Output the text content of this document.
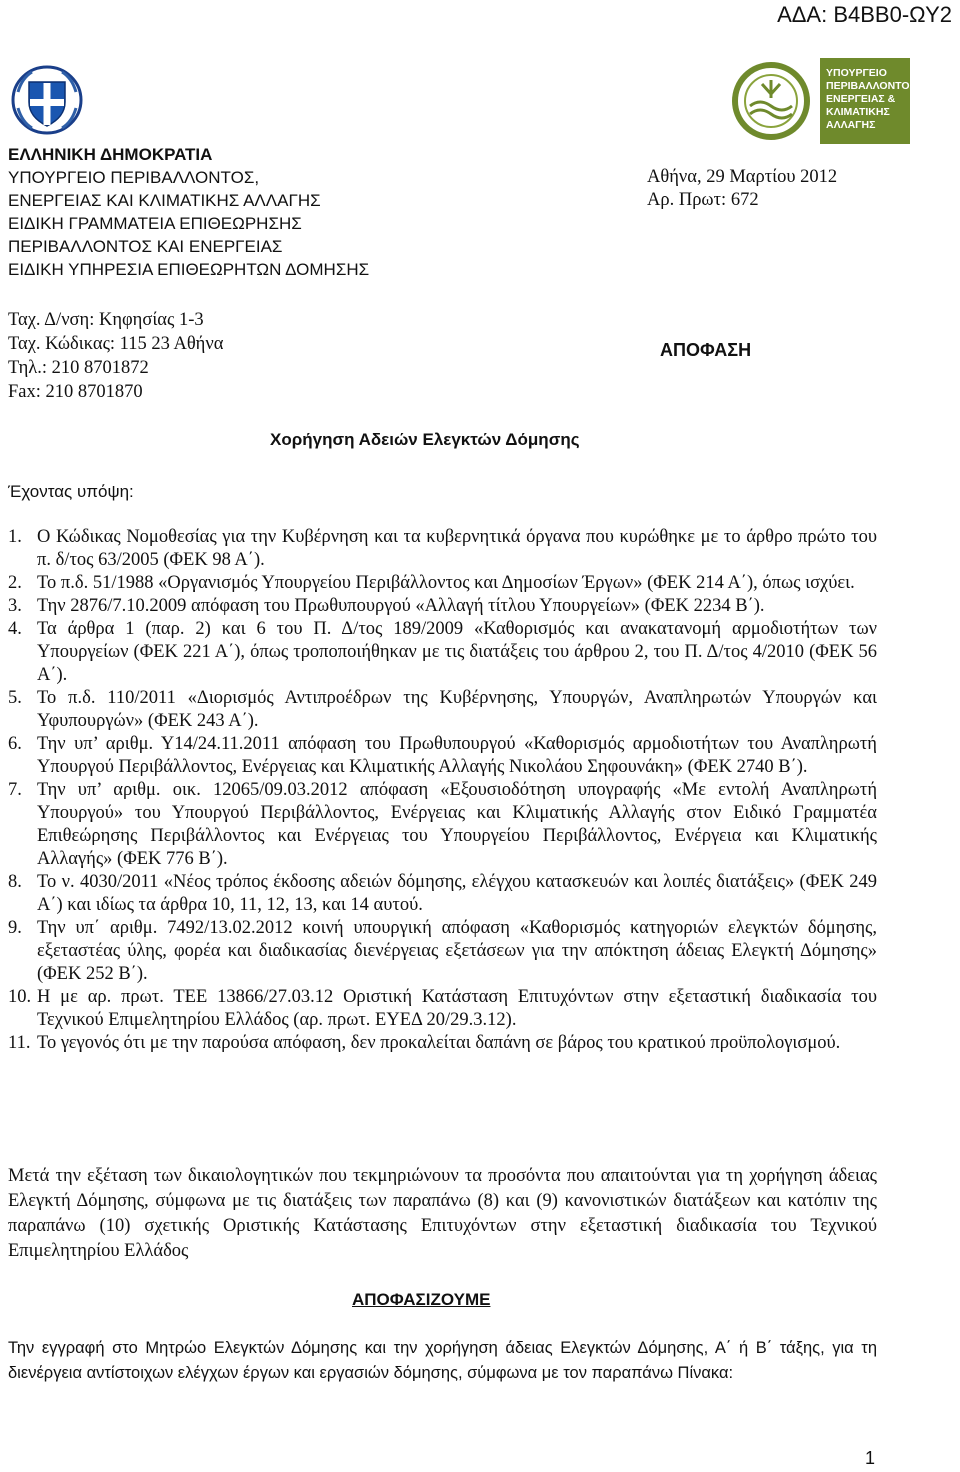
ΑΔΑ: Β4ΒΒ0-ΩΥ2
ΥΠΟΥΡΓΕΙΟ
ΠΕΡΙΒΑΛΛΟΝΤΟΣ
ΕΝΕΡΓΕΙΑΣ &
ΚΛΙΜΑΤΙΚΗΣ
ΑΛΛΑΓΗΣ
ΕΛΛΗΝΙΚΗ ΔΗΜΟΚΡΑΤΙΑ
ΥΠΟΥΡΓΕΙΟ ΠΕΡΙΒΑΛΛΟΝΤΟΣ,
ΕΝΕΡΓΕΙΑΣ ΚΑΙ ΚΛΙΜΑΤΙΚΗΣ ΑΛΛΑΓΗΣ
ΕΙΔΙΚΗ ΓΡΑΜΜΑΤΕΙΑ ΕΠΙΘΕΩΡΗΣΗΣ
ΠΕΡΙΒΑΛΛΟΝΤΟΣ ΚΑΙ ΕΝΕΡΓΕΙΑΣ
ΕΙΔΙΚΗ ΥΠΗΡΕΣΙΑ ΕΠΙΘΕΩΡΗΤΩΝ ΔΟΜΗΣΗΣ
Αθήνα, 29 Μαρτίου 2012
Αρ. Πρωτ: 672
Ταχ. Δ/νση: Κηφησίας 1-3
Ταχ. Κώδικας: 115 23 Αθήνα
Τηλ.: 210 8701872
Fax: 210 8701870
ΑΠΟΦΑΣΗ
Χορήγηση Αδειών Ελεγκτών Δόμησης
Έχοντας υπόψη:
1. Ο Κώδικας Νομοθεσίας για την Κυβέρνηση και τα κυβερνητικά όργανα που κυρώθηκε με το άρθρο πρώτο του π. δ/τος 63/2005 (ΦΕΚ 98 Α΄).
2. Το π.δ. 51/1988 «Οργανισμός Υπουργείου Περιβάλλοντος και Δημοσίων Έργων» (ΦΕΚ 214 Α΄), όπως ισχύει.
3. Την 2876/7.10.2009 απόφαση του Πρωθυπουργού «Αλλαγή τίτλου Υπουργείων» (ΦΕΚ 2234 Β΄).
4. Τα άρθρα 1 (παρ. 2) και 6 του Π. Δ/τος 189/2009 «Καθορισμός και ανακατανομή αρμοδιοτήτων των Υπουργείων (ΦΕΚ 221 Α΄), όπως τροποποιήθηκαν με τις διατάξεις του άρθρου 2, του Π. Δ/τος 4/2010 (ΦΕΚ 56 Α΄).
5. Το π.δ. 110/2011 «Διορισμός Αντιπροέδρων της Κυβέρνησης, Υπουργών, Αναπληρωτών Υπουργών και Υφυπουργών» (ΦΕΚ 243 Α΄).
6. Την υπ’ αριθμ. Υ14/24.11.2011 απόφαση του Πρωθυπουργού «Καθορισμός αρμοδιοτήτων του Αναπληρωτή Υπουργού Περιβάλλοντος, Ενέργειας και Κλιματικής Αλλαγής Νικολάου Σηφουνάκη» (ΦΕΚ 2740 Β΄).
7. Την υπ’ αριθμ. οικ. 12065/09.03.2012 απόφαση «Εξουσιοδότηση υπογραφής «Με εντολή Αναπληρωτή Υπουργού» του Υπουργού Περιβάλλοντος, Ενέργειας και Κλιματικής Αλλαγής στον Ειδικό Γραμματέα Επιθεώρησης Περιβάλλοντος και Ενέργειας του Υπουργείου Περιβάλλοντος, Ενέργεια και Κλιματικής Αλλαγής» (ΦΕΚ 776 Β΄).
8. Το ν. 4030/2011 «Νέος τρόπος έκδοσης αδειών δόμησης, ελέγχου κατασκευών και λοιπές διατάξεις» (ΦΕΚ 249 Α΄) και ιδίως τα άρθρα 10, 11, 12, 13, και 14 αυτού.
9. Την υπ΄ αριθμ. 7492/13.02.2012 κοινή υπουργική απόφαση «Καθορισμός κατηγοριών ελεγκτών δόμησης, εξεταστέας ύλης, φορέα και διαδικασίας διενέργειας εξετάσεων για την απόκτηση άδειας Ελεγκτή Δόμησης» (ΦΕΚ 252 Β΄).
10. Η με αρ. πρωτ. ΤΕΕ 13866/27.03.12 Οριστική Κατάσταση Επιτυχόντων στην εξεταστική διαδικασία του Τεχνικού Επιμελητηρίου Ελλάδος (αρ. πρωτ. ΕΥΕΔ 20/29.3.12).
11. Το γεγονός ότι με την παρούσα απόφαση, δεν προκαλείται δαπάνη σε βάρος του κρατικού προϋπολογισμού.
Μετά την εξέταση των δικαιολογητικών που τεκμηριώνουν τα προσόντα που απαιτούνται για τη χορήγηση άδειας Ελεγκτή Δόμησης, σύμφωνα με τις διατάξεις των παραπάνω (8) και (9) κανονιστικών διατάξεων και κατόπιν της παραπάνω (10) σχετικής Οριστικής Κατάστασης Επιτυχόντων στην εξεταστική διαδικασία του Τεχνικού Επιμελητηρίου Ελλάδος
ΑΠΟΦΑΣΙΖΟΥΜΕ
Την εγγραφή στο Μητρώο Ελεγκτών Δόμησης και την χορήγηση άδειας Ελεγκτών Δόμησης, Α΄ ή Β΄ τάξης, για τη διενέργεια αντίστοιχων ελέγχων έργων και εργασιών δόμησης, σύμφωνα με τον παραπάνω Πίνακα:
1
